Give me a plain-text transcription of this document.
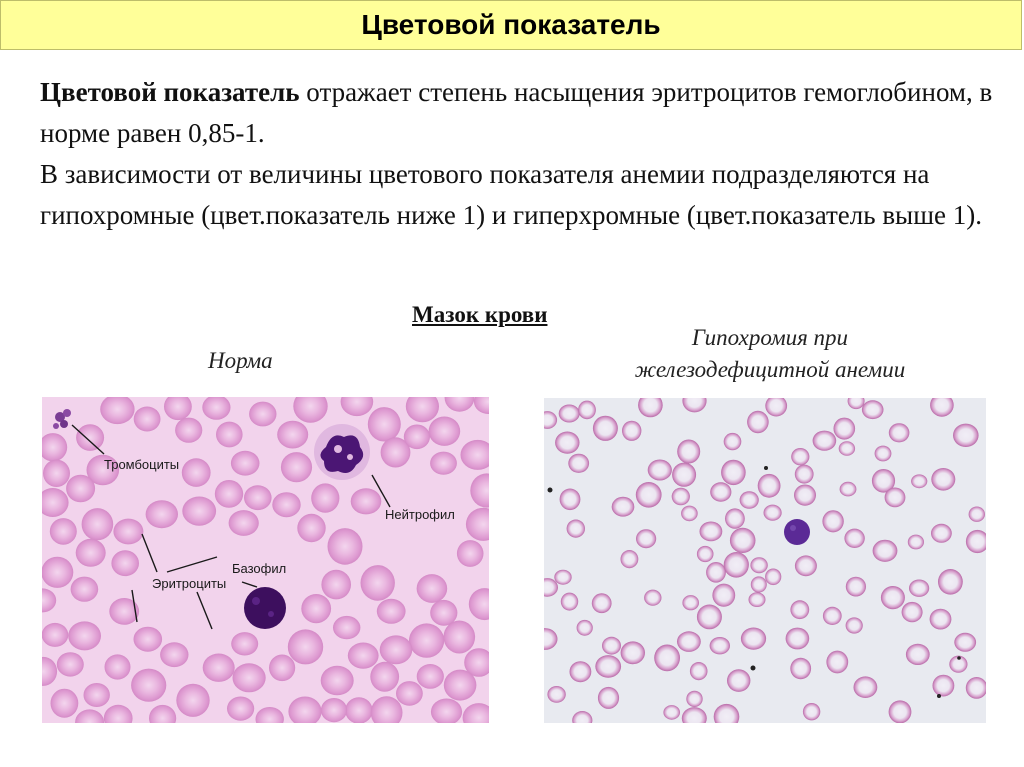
Цветовой показатель

Цветовой показатель отражает степень насыщения эритроцитов гемоглобином, в норме равен 0,85-1.

В зависимости от величины цветового показателя анемии подразделяются на гипохромные (цвет.показатель ниже 1) и гиперхромные (цвет.показатель выше 1).

Мазок крови
Норма
Гипохромия при
железодефицитной анемии
Тромбоциты
Нейтрофил
Эритроциты
Базофил
